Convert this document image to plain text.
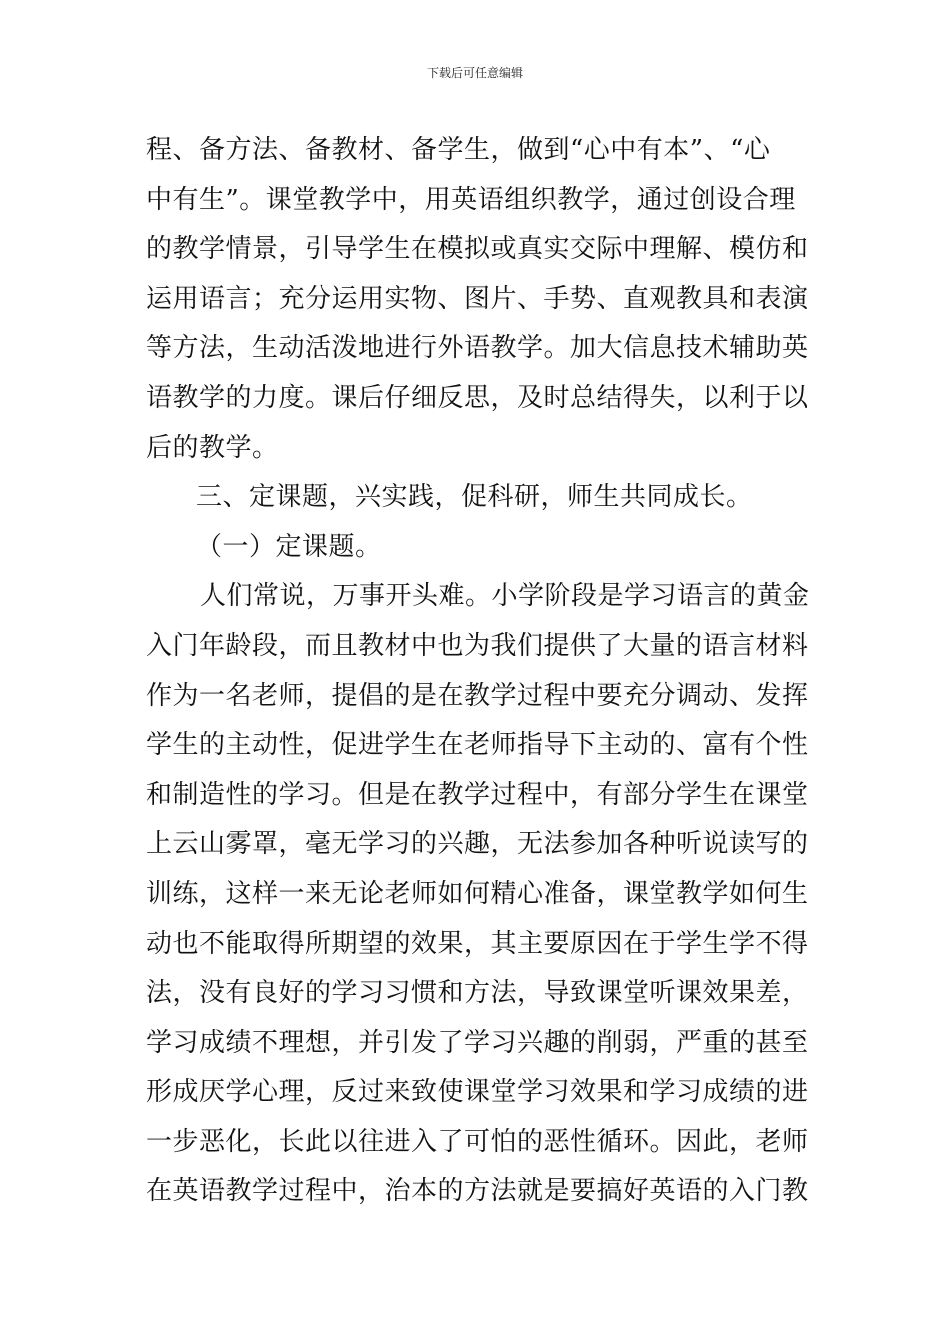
下载后可任意编辑
程、备方法、备教材、备学生，做到“心中有本”、“心
中有生”。课堂教学中，用英语组织教学，通过创设合理
的教学情景，引导学生在模拟或真实交际中理解、模仿和
运用语言；充分运用实物、图片、手势、直观教具和表演
等方法，生动活泼地进行外语教学。加大信息技术辅助英
语教学的力度。课后仔细反思，及时总结得失，以利于以
后的教学。
三、定课题，兴实践，促科研，师生共同成长。
（一）定课题。
人们常说，万事开头难。小学阶段是学习语言的黄金
入门年龄段，而且教材中也为我们提供了大量的语言材料
作为一名老师，提倡的是在教学过程中要充分调动、发挥
学生的主动性，促进学生在老师指导下主动的、富有个性
和制造性的学习。但是在教学过程中，有部分学生在课堂
上云山雾罩，毫无学习的兴趣，无法参加各种听说读写的
训练，这样一来无论老师如何精心准备，课堂教学如何生
动也不能取得所期望的效果，其主要原因在于学生学不得
法，没有良好的学习习惯和方法，导致课堂听课效果差，
学习成绩不理想，并引发了学习兴趣的削弱，严重的甚至
形成厌学心理，反过来致使课堂学习效果和学习成绩的进
一步恶化，长此以往进入了可怕的恶性循环。因此，老师
在英语教学过程中，治本的方法就是要搞好英语的入门教
